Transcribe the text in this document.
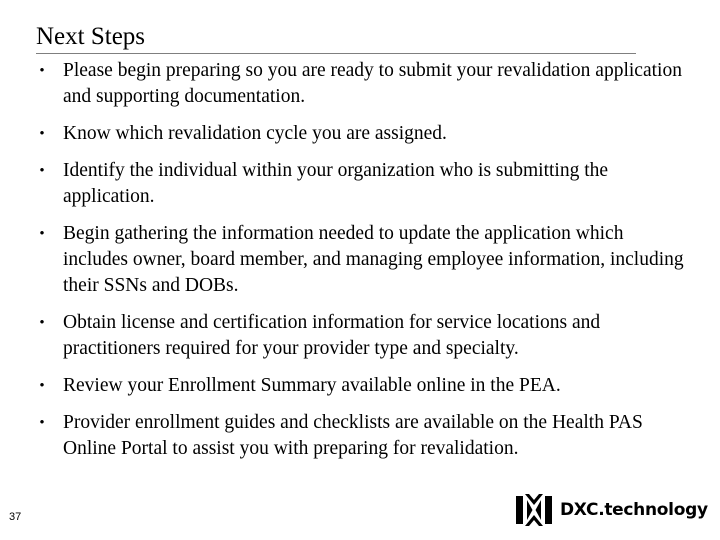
Next Steps
• Please begin preparing so you are ready to submit your revalidation application and supporting documentation.
• Know which revalidation cycle you are assigned.
• Identify the individual within your organization who is submitting the application.
• Begin gathering the information needed to update the application which includes owner, board member, and managing employee information, including their SSNs and DOBs.
• Obtain license and certification information for service locations and practitioners required for your provider type and specialty.
• Review your Enrollment Summary available online in the PEA.
• Provider enrollment guides and checklists are available on the Health PAS Online Portal to assist you with preparing for revalidation.
37	DXC.technology
